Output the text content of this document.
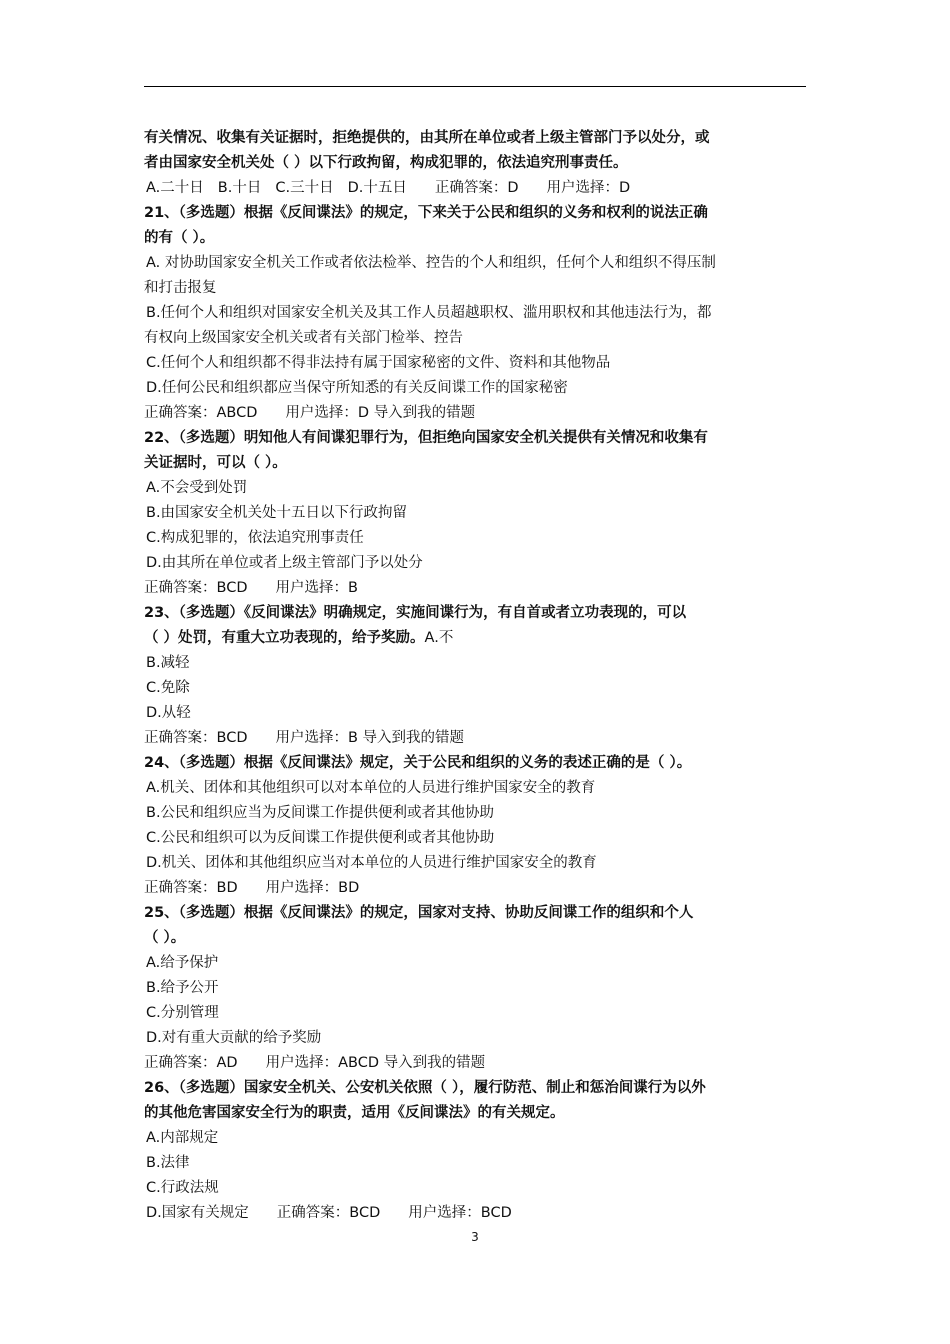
有关情况、收集有关证据时，拒绝提供的，由其所在单位或者上级主管部门予以处分，或

者由国家安全机关处（ ）以下行政拘留，构成犯罪的，依法追究刑事责任。

A.二十日 B.十日 C.三十日 D.十五日 正确答案：D 用户选择：D

21、（多选题）根据《反间谍法》的规定，下来关于公民和组织的义务和权利的说法正确

的有（ ）。

A. 对协助国家安全机关工作或者依法检举、控告的个人和组织，任何个人和组织不得压制

和打击报复

B.任何个人和组织对国家安全机关及其工作人员超越职权、滥用职权和其他违法行为，都

有权向上级国家安全机关或者有关部门检举、控告

C.任何个人和组织都不得非法持有属于国家秘密的文件、资料和其他物品

D.任何公民和组织都应当保守所知悉的有关反间谍工作的国家秘密

正确答案：ABCD 用户选择：D 导入到我的错题

22、（多选题）明知他人有间谍犯罪行为，但拒绝向国家安全机关提供有关情况和收集有

关证据时，可以（ ）。

A.不会受到处罚

B.由国家安全机关处十五日以下行政拘留

C.构成犯罪的，依法追究刑事责任

D.由其所在单位或者上级主管部门予以处分

正确答案：BCD 用户选择：B

23、（多选题）《反间谍法》明确规定，实施间谍行为，有自首或者立功表现的，可以

（ ）处罚，有重大立功表现的，给予奖励。A.不

B.减轻

C.免除

D.从轻

正确答案：BCD 用户选择：B 导入到我的错题

24、（多选题）根据《反间谍法》规定，关于公民和组织的义务的表述正确的是（ ）。

A.机关、团体和其他组织可以对本单位的人员进行维护国家安全的教育

B.公民和组织应当为反间谍工作提供便利或者其他协助

C.公民和组织可以为反间谍工作提供便利或者其他协助

D.机关、团体和其他组织应当对本单位的人员进行维护国家安全的教育

正确答案：BD 用户选择：BD

25、（多选题）根据《反间谍法》的规定，国家对支持、协助反间谍工作的组织和个人

（ ）。

A.给予保护

B.给予公开

C.分别管理

D.对有重大贡献的给予奖励

正确答案：AD 用户选择：ABCD 导入到我的错题

26、（多选题）国家安全机关、公安机关依照（ ），履行防范、制止和惩治间谍行为以外

的其他危害国家安全行为的职责，适用《反间谍法》的有关规定。

A.内部规定

B.法律

C.行政法规

D.国家有关规定 正确答案：BCD 用户选择：BCD

3
